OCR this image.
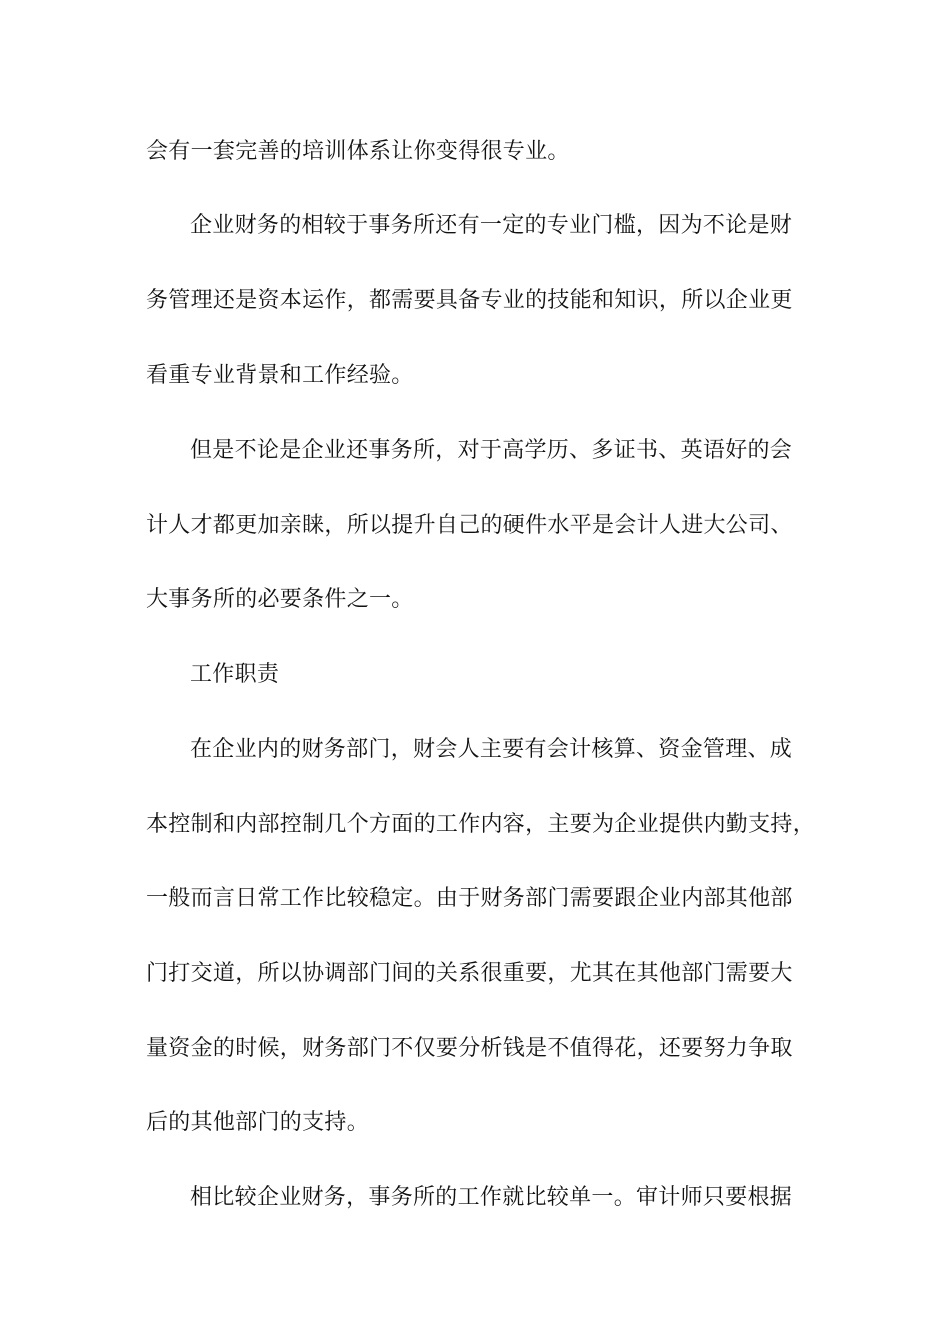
会有一套完善的培训体系让你变得很专业。
企业财务的相较于事务所还有一定的专业门槛，因为不论是财
务管理还是资本运作，都需要具备专业的技能和知识，所以企业更
看重专业背景和工作经验。
但是不论是企业还事务所，对于高学历、多证书、英语好的会
计人才都更加亲睐，所以提升自己的硬件水平是会计人进大公司、
大事务所的必要条件之一。
工作职责
在企业内的财务部门，财会人主要有会计核算、资金管理、成
本控制和内部控制几个方面的工作内容，主要为企业提供内勤支持，
一般而言日常工作比较稳定。由于财务部门需要跟企业内部其他部
门打交道，所以协调部门间的关系很重要，尤其在其他部门需要大
量资金的时候，财务部门不仅要分析钱是不值得花，还要努力争取
后的其他部门的支持。
相比较企业财务，事务所的工作就比较单一。审计师只要根据
